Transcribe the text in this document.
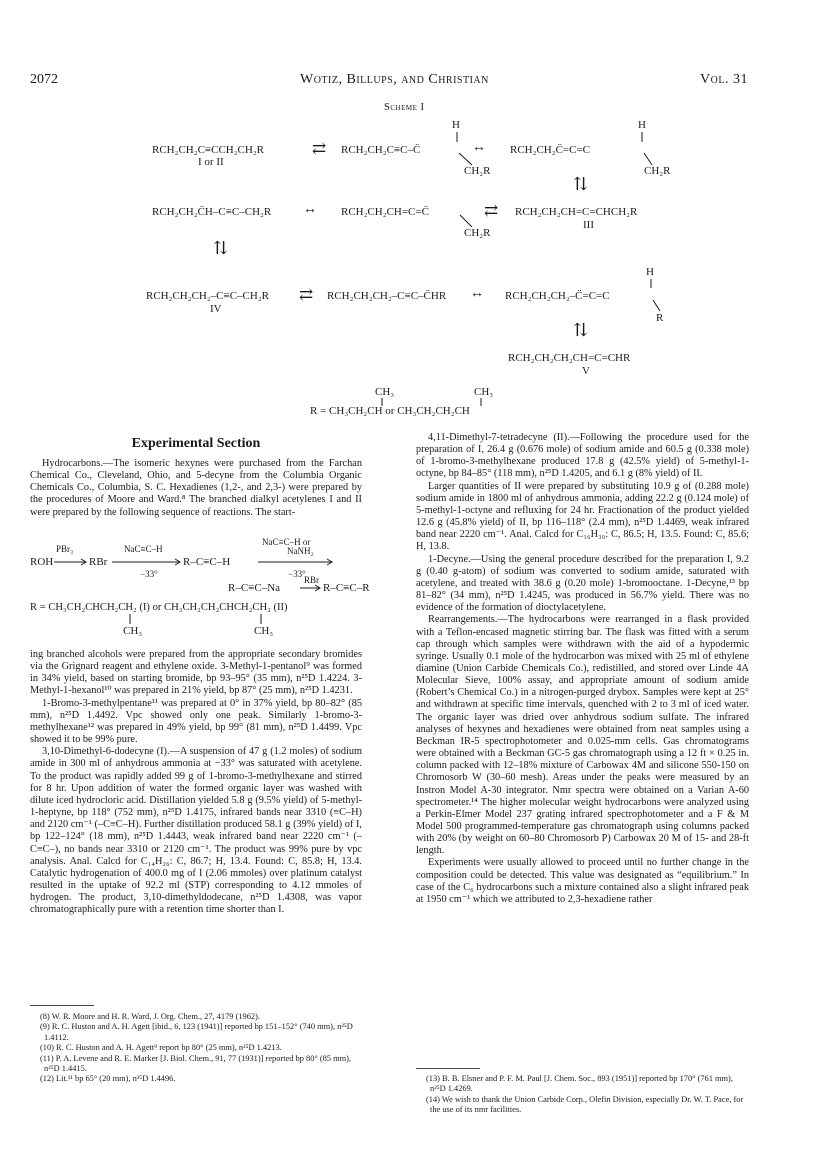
2072	Wotiz, Billups, and Christian	Vol. 31
Scheme I
RCH₂CH₂C≡CCH₂CH₂R
I or II
⇄ RCH₂CH₂C≡C–C̈
H
CH₂R
↔ RCH₂CH₂C̈=C=C
H
CH₂R
⇅
RCH₂CH₂C̈H–C≡C–CH₂R ↔ RCH₂CH₂CH=C=C̈
CH₂R
⇄ RCH₂CH₂CH=C=CHCH₂R
III
⇅
RCH₂CH₂CH₂–C≡C–CH₂R
IV
⇄ RCH₂CH₂CH₂–C≡C–C̈HR ↔ RCH₂CH₂CH₂–C̈=C=C
H
R
⇅
RCH₂CH₂CH₂CH=C=CHR
V
CH₃	CH₃
R = CH₃CH₂CH or CH₃CH₂CH₂CH
Experimental Section

Hydrocarbons.—The isomeric hexynes were purchased from the Farchan Chemical Co., Cleveland, Ohio, and 5-decyne from the Columbia Organic Chemicals Co., Columbia, S. C. Hexadienes (1,2-, and 2,3-) were prepared by the procedures of Moore and Ward.⁸ The branched dialkyl acetylenes I and II were prepared by the following sequence of reactions. The start-

ROH
PBr₃
RBr
NaC≡C–H
−33°
R–C≡C–H
NaC≡C–H or
NaNH₂
−33°
R–C≡C–Na
RBr
R–C≡C–R
R = CH₃CH₂CHCH₂CH₂ (I) or CH₃CH₂CH₂CHCH₂CH₂ (II)
CH₃	CH₃

ing branched alcohols were prepared from the appropriate secondary bromides via the Grignard reagent and ethylene oxide. 3-Methyl-1-pentanol⁹ was formed in 34% yield, based on starting bromide, bp 93–95° (35 mm), n²⁵D 1.4224. 3-Methyl-1-hexanol¹⁰ was prepared in 21% yield, bp 87° (25 mm), n²⁵D 1.4231.

1-Bromo-3-methylpentane¹¹ was prepared at 0° in 37% yield, bp 80–82° (85 mm), n²⁵D 1.4492. Vpc showed only one peak. Similarly 1-bromo-3-methylhexane¹² was prepared in 49% yield, bp 99° (81 mm), n²⁵D 1.4499. Vpc showed it to be 99% pure.

3,10-Dimethyl-6-dodecyne (I).—A suspension of 47 g (1.2 moles) of sodium amide in 300 ml of anhydrous ammonia at −33° was saturated with acetylene. To the product was rapidly added 99 g of 1-bromo-3-methylhexane and stirred for 8 hr. Upon addition of water the formed organic layer was washed with dilute iced hydrocloric acid. Distillation yielded 5.8 g (9.5% yield) of 5-methyl-1-heptyne, bp 118° (752 mm), n²⁵D 1.4175, infrared bands near 3310 (≡C–H) and 2120 cm⁻¹ (–C≡C–H). Further distillation produced 58.1 g (39% yield) of I, bp 122–124° (18 mm), n²⁵D 1.4443, weak infrared band near 2220 cm⁻¹ (–C≡C–), no bands near 3310 or 2120 cm⁻¹. The product was 99% pure by vpc analysis. Anal. Calcd for C₁₄H₂₆: C, 86.7; H, 13.4. Found: C, 85.8; H, 13.4. Catalytic hydrogenation of 400.0 mg of I (2.06 mmoles) over platinum catalyst resulted in the uptake of 92.2 ml (STP) corresponding to 4.12 mmoles of hydrogen. The product, 3,10-dimethyldodecane, n²⁵D 1.4308, was vapor chromatographically pure with a retention time shorter than I.

(8) W. R. Moore and H. R. Ward, J. Org. Chem., 27, 4179 (1962).
(9) R. C. Huston and A. H. Agett [ibid., 6, 123 (1941)] reported bp 151–152° (740 mm), n²⁵D 1.4112.
(10) R. C. Huston and A. H. Agett⁹ report bp 80° (25 mm), n²⁵D 1.4213.
(11) P. A. Levene and R. E. Marker [J. Biol. Chem., 91, 77 (1931)] reported bp 80° (85 mm), n²⁵D 1.4415.
(12) Lit.¹¹ bp 65° (20 mm), n²⁵D 1.4496.

4,11-Dimethyl-7-tetradecyne (II).—Following the procedure used for the preparation of I, 26.4 g (0.676 mole) of sodium amide and 60.5 g (0.338 mole) of 1-bromo-3-methylhexane produced 17.8 g (42.5% yield) of 5-methyl-1-octyne, bp 84–85° (118 mm), n²⁵D 1.4205, and 6.1 g (8% yield) of II.

Larger quantities of II were prepared by substituting 10.9 g of (0.288 mole) sodium amide in 1800 ml of anhydrous ammonia, adding 22.2 g (0.124 mole) of 5-methyl-1-octyne and refluxing for 24 hr. Fractionation of the product yielded 12.6 g (45.8% yield) of II, bp 116–118° (2.4 mm), n²⁵D 1.4469, weak infrared band near 2220 cm⁻¹. Anal. Calcd for C₁₆H₃₀: C, 86.5; H, 13.5. Found: C, 85.6; H, 13.8.

1-Decyne.—Using the general procedure described for the preparation I, 9.2 g (0.40 g-atom) of sodium was converted to sodium amide, saturated with acetylene, and treated with 38.6 g (0.20 mole) 1-bromooctane. 1-Decyne,¹³ bp 81–82° (34 mm), n²⁵D 1.4245, was produced in 56.7% yield. There was no evidence of the formation of dioctylacetylene.

Rearrangements.—The hydrocarbons were rearranged in a flask provided with a Teflon-encased magnetic stirring bar. The flask was fitted with a serum cap through which samples were withdrawn with the aid of a hypodermic syringe. Usually 0.1 mole of the hydrocarbon was mixed with 25 ml of ethylene diamine (Union Carbide Chemicals Co.), redistilled, and stored over Linde 4A Molecular Sieve, 100% assay, and appropriate amount of sodium amide (Robert’s Chemical Co.) in a nitrogen-purged drybox. Samples were kept at 25° and withdrawn at specific time intervals, quenched with 2 to 3 ml of iced water. The organic layer was dried over anhydrous sodium sulfate. The infrared analyses of hexynes and hexadienes were obtained from neat samples using a Beckman IR-5 spectrophotometer and 0.025-mm cells. Gas chromatograms were obtained with a Beckman GC-5 gas chromatograph using a 12 ft × 0.25 in. column packed with 12–18% mixture of Carbowax 4M and silicone 550-150 on Chromosorb W (30–60 mesh). Areas under the peaks were measured by an Instron Model A-30 integrator. Nmr spectra were obtained on a Varian A-60 spectrometer.¹⁴ The higher molecular weight hydrocarbons were analyzed using a Perkin-Elmer Model 237 grating infrared spectrophotometer and a F & M Model 500 programmed-temperature gas chromatograph using columns packed with 20% (by weight on 60–80 Chromosorb P) Carbowax 20 M of 15- and 28-ft length.

Experiments were usually allowed to proceed until no further change in the composition could be detected. This value was designated as “equilibrium.” In case of the C₆ hydrocarbons such a mixture contained also a slight infrared peak at 1950 cm⁻¹ which we attributed to 2,3-hexadiene rather

(13) B. B. Elsner and P. F. M. Paul [J. Chem. Soc., 893 (1951)] reported bp 170° (761 mm), n²⁵D 1.4269.
(14) We wish to thank the Union Carbide Corp., Olefin Division, especially Dr. W. T. Pace, for the use of its nmr facilities.
